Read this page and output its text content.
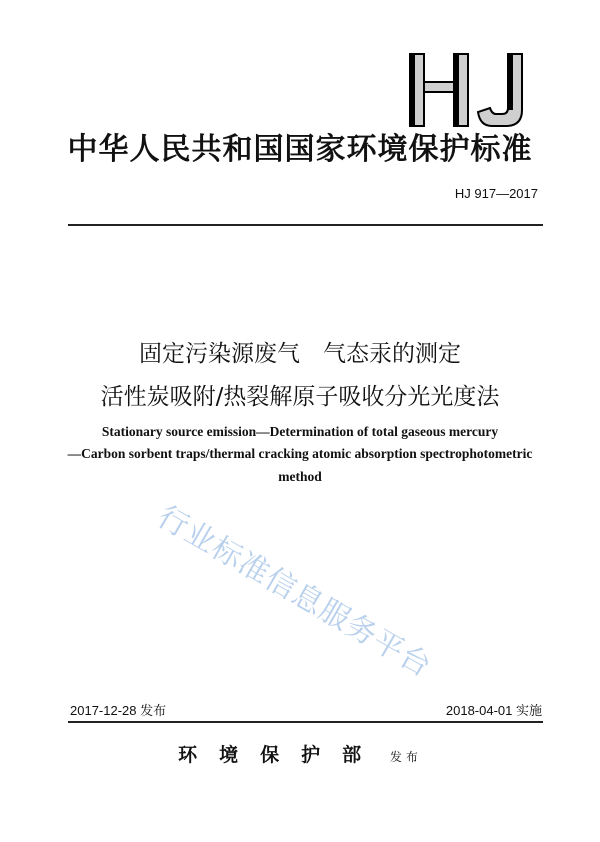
中华人民共和国国家环境保护标准
HJ 917—2017
固定污染源废气　气态汞的测定
活性炭吸附/热裂解原子吸收分光光度法
Stationary source emission—Determination of total gaseous mercury
—Carbon sorbent traps/thermal cracking atomic absorption spectrophotometric
method
行业标准信息服务平台
2017-12-28 发布	2018-04-01 实施
环境保护部 发布
